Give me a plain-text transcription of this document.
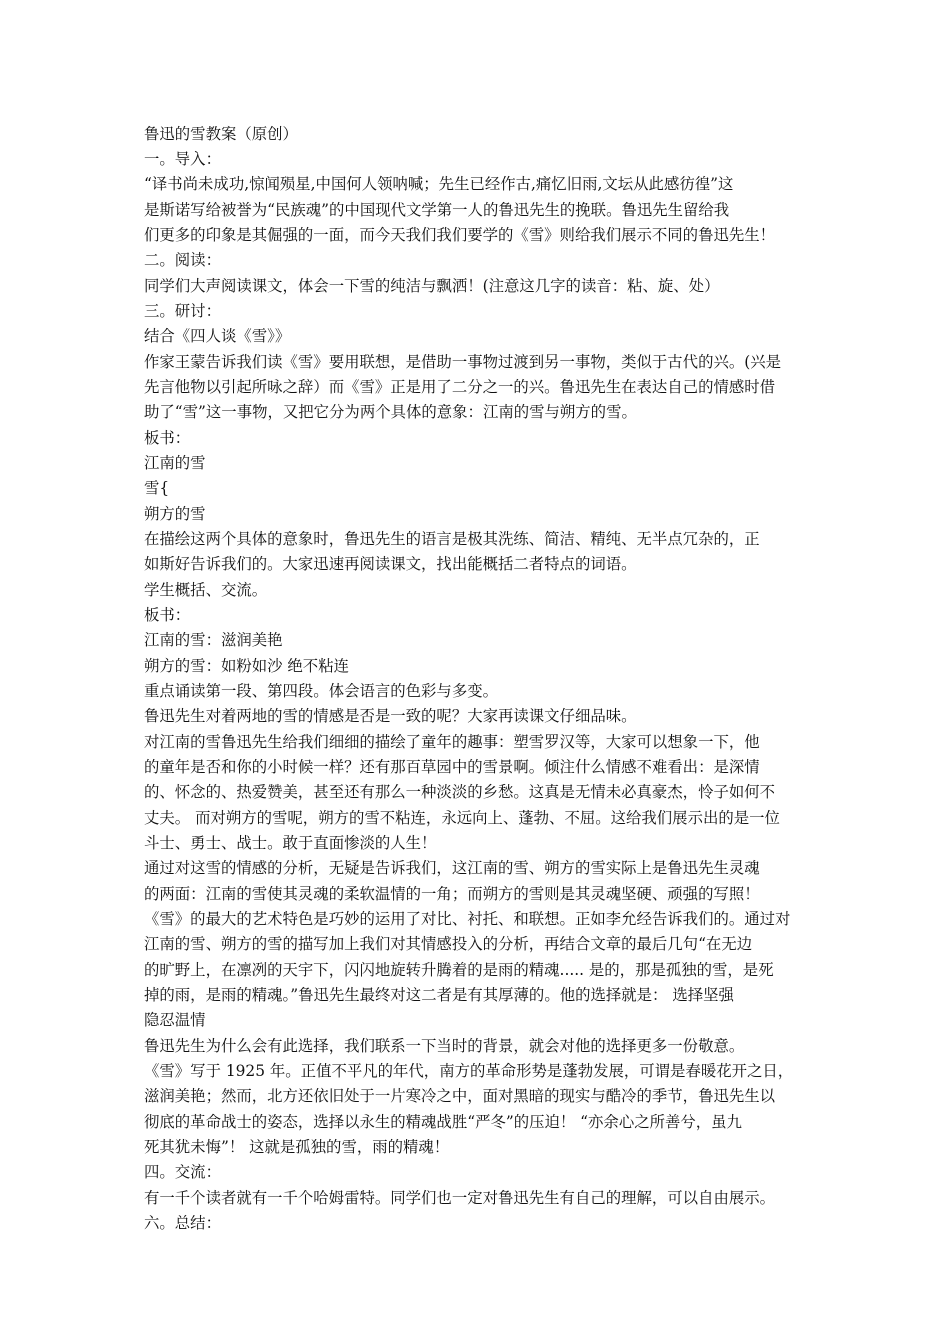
鲁迅的雪教案（原创）
一。导入：
“译书尚未成功,惊闻殒星,中国何人领呐喊；先生已经作古,痛忆旧雨,文坛从此感彷徨”这
是斯诺写给被誉为“民族魂”的中国现代文学第一人的鲁迅先生的挽联。鲁迅先生留给我
们更多的印象是其倔强的一面，而今天我们我们要学的《雪》则给我们展示不同的鲁迅先生！
二。阅读：
同学们大声阅读课文，体会一下雪的纯洁与飘洒！(注意这几字的读音：粘、旋、处）
三。研讨：
结合《四人谈《雪》》
作家王蒙告诉我们读《雪》要用联想，是借助一事物过渡到另一事物，类似于古代的兴。(兴是
先言他物以引起所咏之辞）而《雪》正是用了二分之一的兴。鲁迅先生在表达自己的情感时借
助了“雪”这一事物，又把它分为两个具体的意象：江南的雪与朔方的雪。
板书：
江南的雪
雪{
朔方的雪
在描绘这两个具体的意象时，鲁迅先生的语言是极其洗练、简洁、精纯、无半点冗杂的，正
如斯好告诉我们的。大家迅速再阅读课文，找出能概括二者特点的词语。
学生概括、交流。
板书：
江南的雪：滋润美艳
朔方的雪：如粉如沙 绝不粘连
重点诵读第一段、第四段。体会语言的色彩与多变。
鲁迅先生对着两地的雪的情感是否是一致的呢？大家再读课文仔细品味。
对江南的雪鲁迅先生给我们细细的描绘了童年的趣事：塑雪罗汉等，大家可以想象一下，他
的童年是否和你的小时候一样？还有那百草园中的雪景啊。倾注什么情感不难看出：是深情
的、怀念的、热爱赞美，甚至还有那么一种淡淡的乡愁。这真是无情未必真豪杰，怜子如何不
丈夫。 而对朔方的雪呢，朔方的雪不粘连，永远向上、蓬勃、不屈。这给我们展示出的是一位
斗士、勇士、战士。敢于直面惨淡的人生！
通过对这雪的情感的分析，无疑是告诉我们，这江南的雪、朔方的雪实际上是鲁迅先生灵魂
的两面：江南的雪使其灵魂的柔软温情的一角；而朔方的雪则是其灵魂坚硬、顽强的写照！
《雪》的最大的艺术特色是巧妙的运用了对比、衬托、和联想。正如李允经告诉我们的。通过对
江南的雪、朔方的雪的描写加上我们对其情感投入的分析，再结合文章的最后几句“在无边
的旷野上，在凛冽的天宇下，闪闪地旋转升腾着的是雨的精魂..... 是的，那是孤独的雪，是死
掉的雨，是雨的精魂。”鲁迅先生最终对这二者是有其厚薄的。他的选择就是： 选择坚强
隐忍温情
鲁迅先生为什么会有此选择，我们联系一下当时的背景，就会对他的选择更多一份敬意。
《雪》写于 1925 年。正值不平凡的年代，南方的革命形势是蓬勃发展，可谓是春暖花开之日，
滋润美艳；然而，北方还依旧处于一片寒冷之中，面对黑暗的现实与酷冷的季节，鲁迅先生以
彻底的革命战士的姿态，选择以永生的精魂战胜“严冬”的压迫！ “亦余心之所善兮，虽九
死其犹未悔”！ 这就是孤独的雪，雨的精魂！
四。交流：
有一千个读者就有一千个哈姆雷特。同学们也一定对鲁迅先生有自己的理解，可以自由展示。
六。总结：
